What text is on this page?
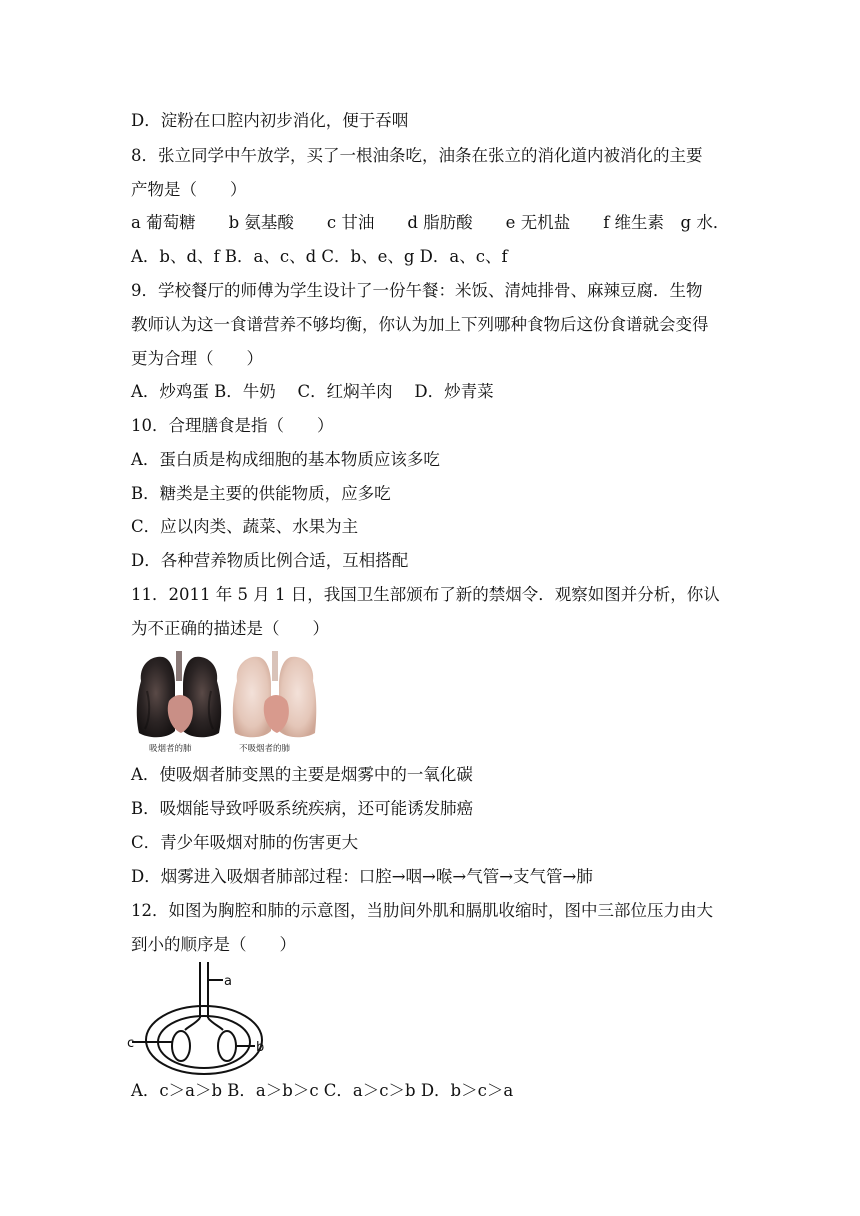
D．淀粉在口腔内初步消化，便于吞咽
8．张立同学中午放学，买了一根油条吃，油条在张立的消化道内被消化的主要
产物是（　　）
a 葡萄糖　　b 氨基酸　　c 甘油　　d 脂肪酸　　e 无机盐　　f 维生素　g 水．
A．b、d、f B．a、c、d C．b、e、g D．a、c、f
9．学校餐厅的师傅为学生设计了一份午餐：米饭、清炖排骨、麻辣豆腐．生物
教师认为这一食谱营养不够均衡，你认为加上下列哪种食物后这份食谱就会变得
更为合理（　　）
A．炒鸡蛋 B．牛奶　 C．红焖羊肉　 D．炒青菜
10．合理膳食是指（　　）
A．蛋白质是构成细胞的基本物质应该多吃
B．糖类是主要的供能物质，应多吃
C．应以肉类、蔬菜、水果为主
D．各种营养物质比例合适，互相搭配
11．2011 年 5 月 1 日，我国卫生部颁布了新的禁烟令．观察如图并分析，你认
为不正确的描述是（　　）
吸烟者的肺	不吸烟者的肺
A．使吸烟者肺变黑的主要是烟雾中的一氧化碳
B．吸烟能导致呼吸系统疾病，还可能诱发肺癌
C．青少年吸烟对肺的伤害更大
D．烟雾进入吸烟者肺部过程：口腔→咽→喉→气管→支气管→肺
12．如图为胸腔和肺的示意图，当肋间外肌和膈肌收缩时，图中三部位压力由大
到小的顺序是（　　）
a
b
c
A．c＞a＞b B．a＞b＞c C．a＞c＞b D．b＞c＞a
